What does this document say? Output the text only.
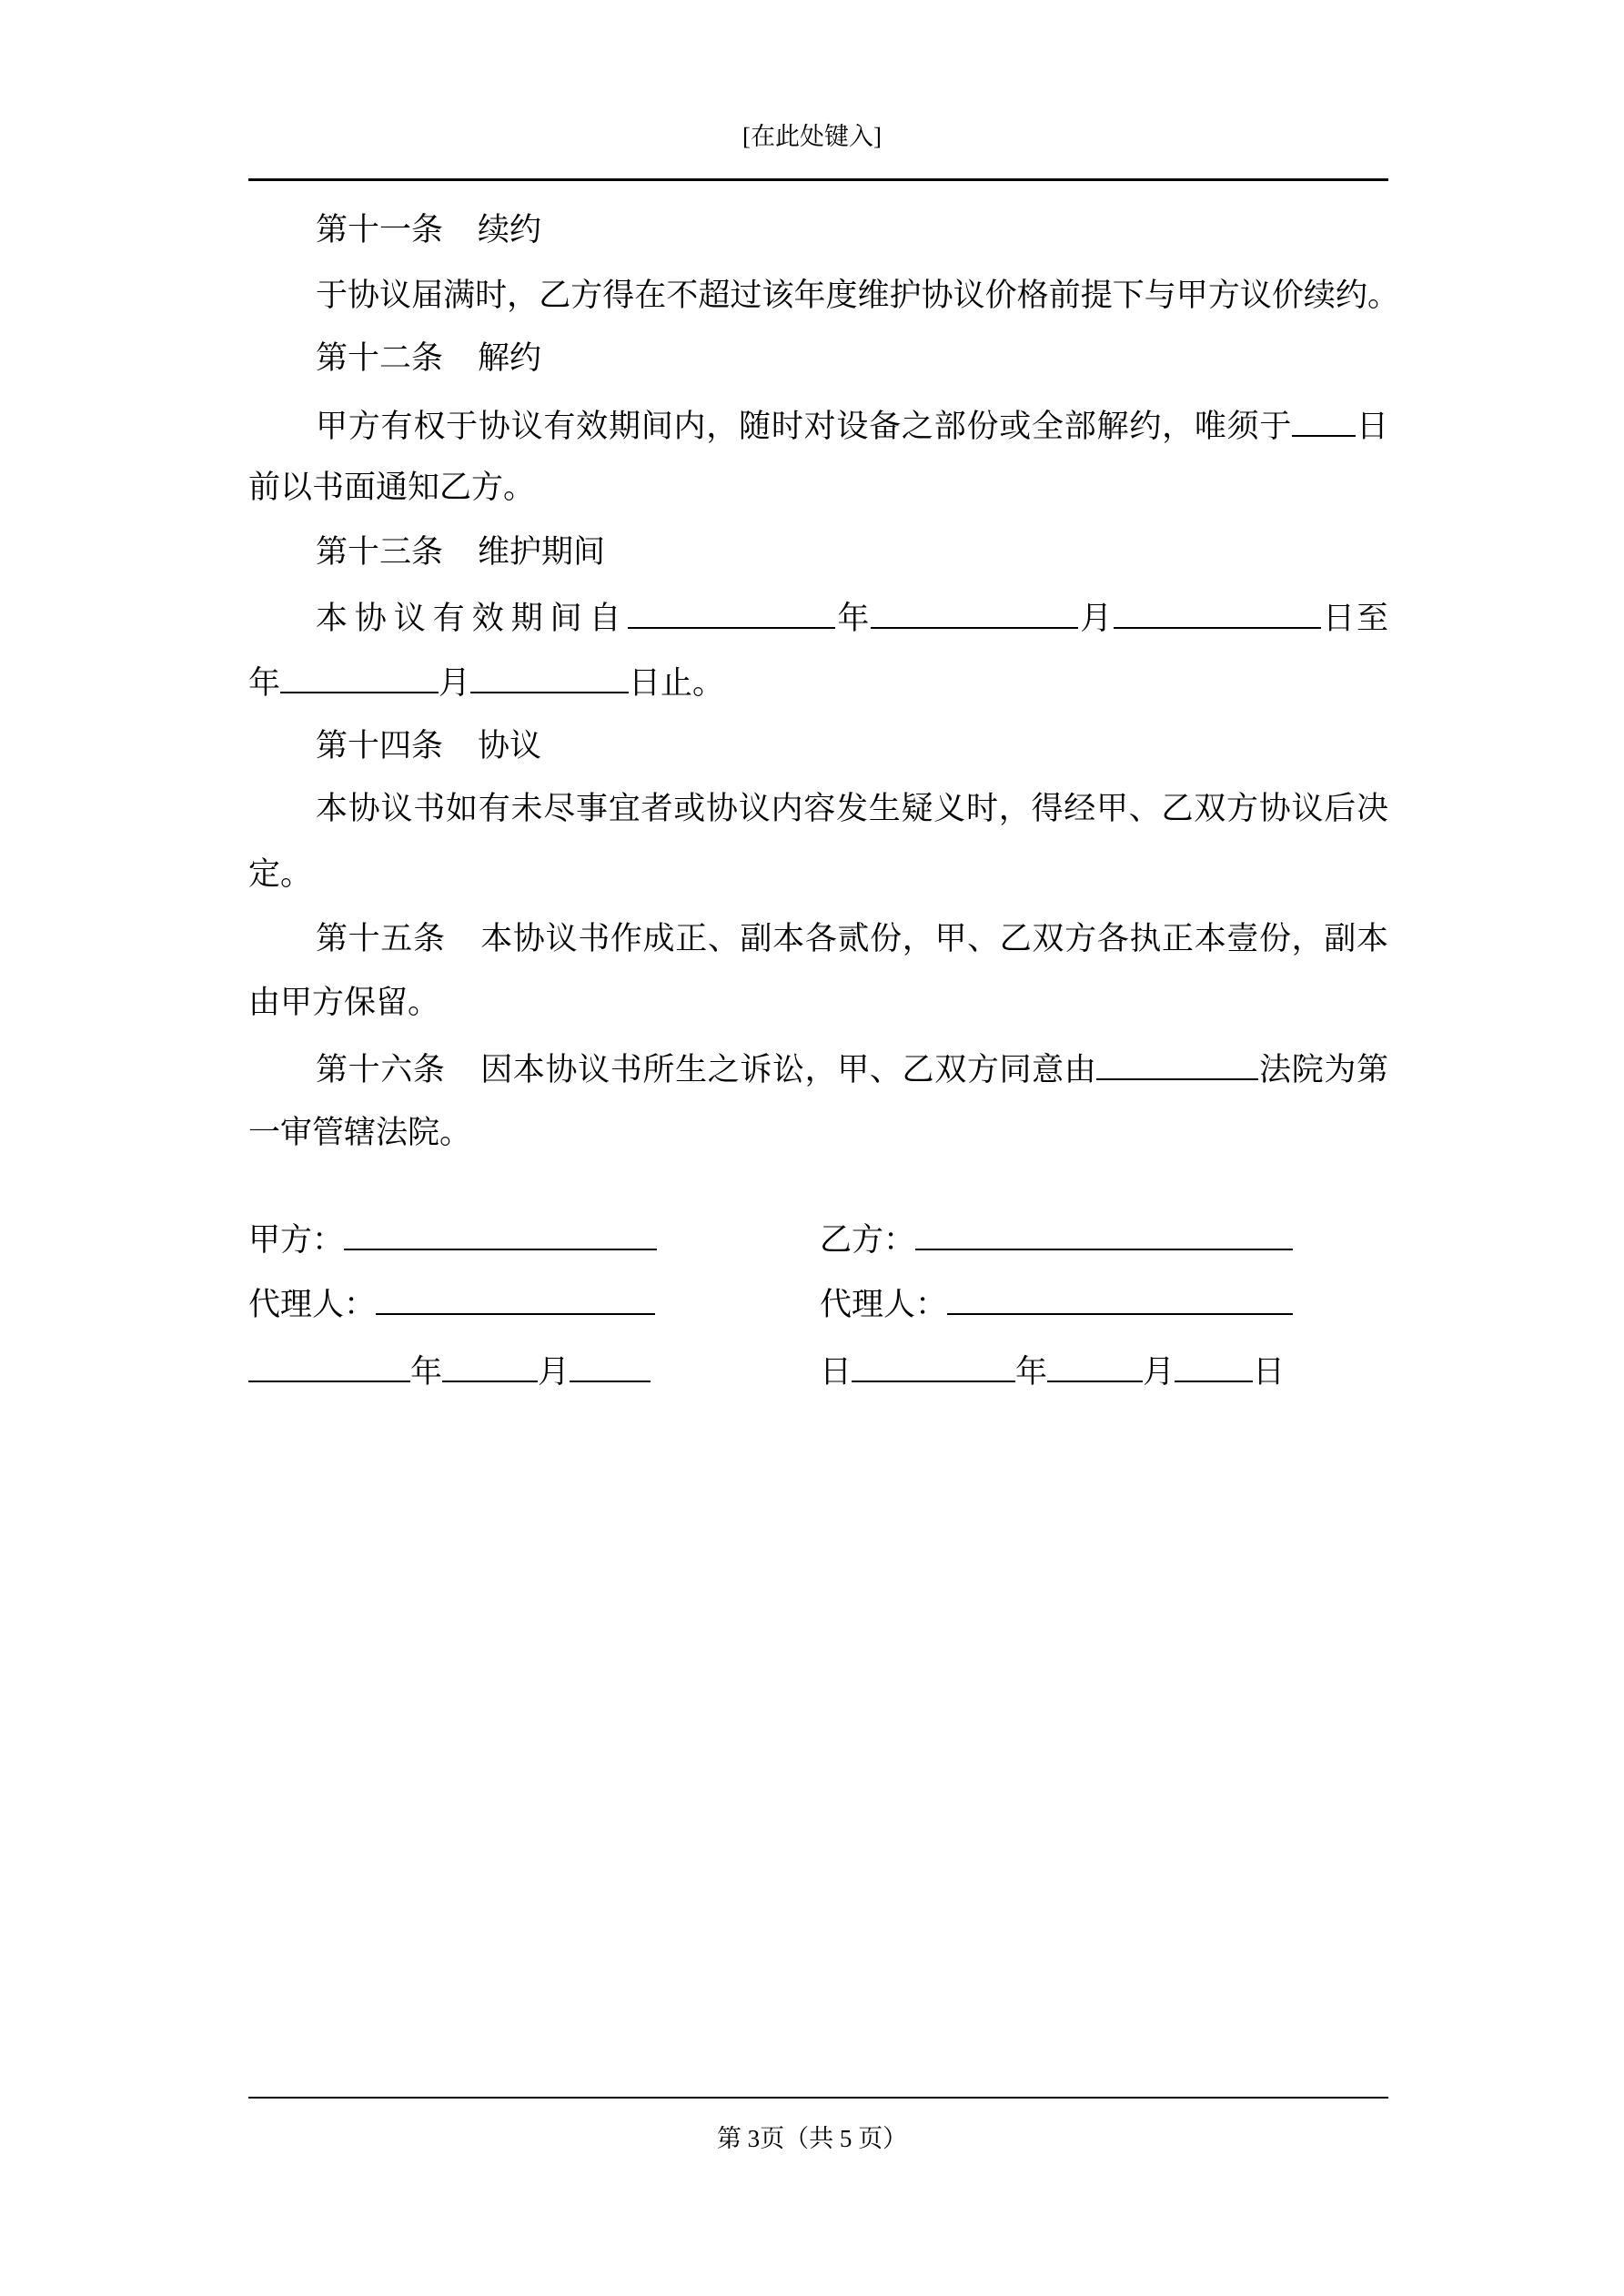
[在此处键入]
第十一条 续约
于协议届满时，乙方得在不超过该年度维护协议价格前提下与甲方议价续约。
第十二条 解约
甲方有权于协议有效期间内，随时对设备之部份或全部解约，唯须于 日
前以书面通知乙方。
第十三条 维护期间
本协议有效期间自	年	月	日至
年	月	日止。
第十四条 协议
本协议书如有未尽事宜者或协议内容发生疑义时，得经甲、乙双方协议后决
定。
第十五条 本协议书作成正、副本各贰份，甲、乙双方各执正本壹份，副本
由甲方保留。
第十六条 因本协议书所生之诉讼，甲、乙双方同意由	法院为第
一审管辖法院。
甲方：	乙方：
代理人：	代理人：
年	月	日	年	月 日
第 3页（共 5 页）
